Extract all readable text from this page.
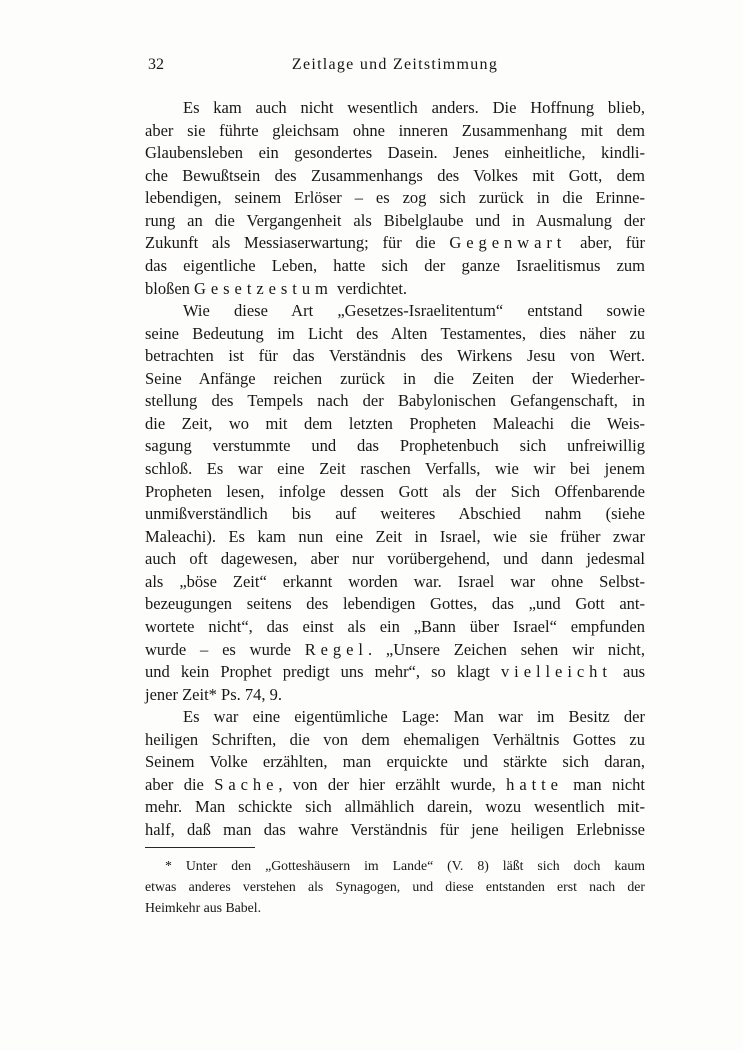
32	Zeitlage und Zeitstimmung
Es kam auch nicht wesentlich anders. Die Hoffnung blieb,
aber sie führte gleichsam ohne inneren Zusammenhang mit dem
Glaubensleben ein gesondertes Dasein. Jenes einheitliche, kindli-
che Bewußtsein des Zusammenhangs des Volkes mit Gott, dem
lebendigen, seinem Erlöser – es zog sich zurück in die Erinne-
rung an die Vergangenheit als Bibelglaube und in Ausmalung der
Zukunft als Messiaserwartung; für die Gegenwart aber, für
das eigentliche Leben, hatte sich der ganze Israelitismus zum
bloßen Gesetzestum verdichtet.
Wie diese Art „Gesetzes-Israelitentum“ entstand sowie
seine Bedeutung im Licht des Alten Testamentes, dies näher zu
betrachten ist für das Verständnis des Wirkens Jesu von Wert.
Seine Anfänge reichen zurück in die Zeiten der Wiederher-
stellung des Tempels nach der Babylonischen Gefangenschaft, in
die Zeit, wo mit dem letzten Propheten Maleachi die Weis-
sagung verstummte und das Prophetenbuch sich unfreiwillig
schloß. Es war eine Zeit raschen Verfalls, wie wir bei jenem
Propheten lesen, infolge dessen Gott als der Sich Offenbarende
unmißverständlich bis auf weiteres Abschied nahm (siehe
Maleachi). Es kam nun eine Zeit in Israel, wie sie früher zwar
auch oft dagewesen, aber nur vorübergehend, und dann jedesmal
als „böse Zeit“ erkannt worden war. Israel war ohne Selbst-
bezeugungen seitens des lebendigen Gottes, das „und Gott ant-
wortete nicht“, das einst als ein „Bann über Israel“ empfunden
wurde – es wurde Regel. „Unsere Zeichen sehen wir nicht,
und kein Prophet predigt uns mehr“, so klagt vielleicht aus
jener Zeit* Ps. 74, 9.
Es war eine eigentümliche Lage: Man war im Besitz der
heiligen Schriften, die von dem ehemaligen Verhältnis Gottes zu
Seinem Volke erzählten, man erquickte und stärkte sich daran,
aber die Sache, von der hier erzählt wurde, hatte man nicht
mehr. Man schickte sich allmählich darein, wozu wesentlich mit-
half, daß man das wahre Verständnis für jene heiligen Erlebnisse
* Unter den „Gotteshäusern im Lande“ (V. 8) läßt sich doch kaum
etwas anderes verstehen als Synagogen, und diese entstanden erst nach der
Heimkehr aus Babel.
